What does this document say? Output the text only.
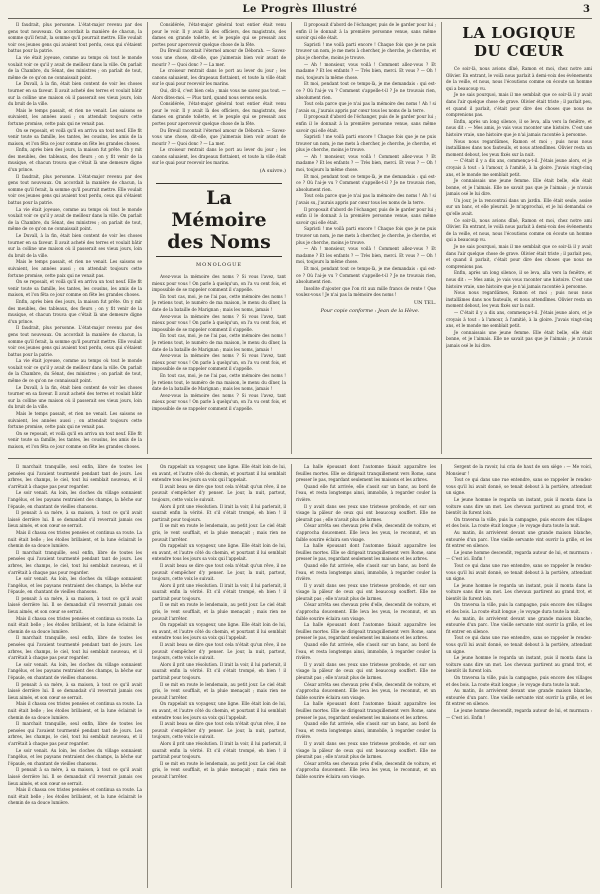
Le Progrès Illustré	3

Il faudrait, plus personne. L'état-major revenu par des gens tout nouveaux. On accordait la manière de chacun, la somme qu'il ferait, la somme qu'il pourrait mettre. Elle voulait voir ces jeunes gens qui avaient tout perdu, ceux qui s'étaient battus pour la patrie.

La vie était joyeuse, comme au temps où tout le monde voulait voir ce qu'il y avait de meilleur dans la ville. On parlait de la Chambre, du Sénat, des ministres ; on parlait de tout, même de ce qu'on ne connaissait point.

Le Duvall, à la fin, était bien content de voir les choses tourner en sa faveur. Il avait acheté des terres et voulait bâtir sur la colline une maison où il passerait ses vieux jours, loin du bruit de la ville.

Mais le temps passait, et rien ne venait. Les saisons se suivaient, les années aussi ; on attendait toujours cette fortune promise, cette paix qui ne venait pas.

On se reposait, et voilà qu'il en arriva un tout neuf. Elle fit venir toute sa famille, les tantes, les cousins, les amis de la maison, et l'on fêta ce jour comme on fête les grandes choses.

Enfin, après bien des jours, la maison fut prête. On y mit des meubles, des tableaux, des fleurs ; on y fit venir de la musique, et chacun trouva que c'était là une demeure digne d'un prince.

Il faudrait, plus personne. L'état-major revenu par des gens tout nouveaux. On accordait la manière de chacun, la somme qu'il ferait, la somme qu'il pourrait mettre. Elle voulait voir ces jeunes gens qui avaient tout perdu, ceux qui s'étaient battus pour la patrie.

La vie était joyeuse, comme au temps où tout le monde voulait voir ce qu'il y avait de meilleur dans la ville. On parlait de la Chambre, du Sénat, des ministres ; on parlait de tout, même de ce qu'on ne connaissait point.

Le Duvall, à la fin, était bien content de voir les choses tourner en sa faveur. Il avait acheté des terres et voulait bâtir sur la colline une maison où il passerait ses vieux jours, loin du bruit de la ville.

Mais le temps passait, et rien ne venait. Les saisons se suivaient, les années aussi ; on attendait toujours cette fortune promise, cette paix qui ne venait pas.

On se reposait, et voilà qu'il en arriva un tout neuf. Elle fit venir toute sa famille, les tantes, les cousins, les amis de la maison, et l'on fêta ce jour comme on fête les grandes choses.

Enfin, après bien des jours, la maison fut prête. On y mit des meubles, des tableaux, des fleurs ; on y fit venir de la musique, et chacun trouva que c'était là une demeure digne d'un prince.

Il faudrait, plus personne. L'état-major revenu par des gens tout nouveaux. On accordait la manière de chacun, la somme qu'il ferait, la somme qu'il pourrait mettre. Elle voulait voir ces jeunes gens qui avaient tout perdu, ceux qui s'étaient battus pour la patrie.

La vie était joyeuse, comme au temps où tout le monde voulait voir ce qu'il y avait de meilleur dans la ville. On parlait de la Chambre, du Sénat, des ministres ; on parlait de tout, même de ce qu'on ne connaissait point.

Le Duvall, à la fin, était bien content de voir les choses tourner en sa faveur. Il avait acheté des terres et voulait bâtir sur la colline une maison où il passerait ses vieux jours, loin du bruit de la ville.

Mais le temps passait, et rien ne venait. Les saisons se suivaient, les années aussi ; on attendait toujours cette fortune promise, cette paix qui ne venait pas.

On se reposait, et voilà qu'il en arriva un tout neuf. Elle fit venir toute sa famille, les tantes, les cousins, les amis de la maison, et l'on fêta ce jour comme on fête les grandes choses.

Considérée, l'état-major général tout entier était venu pour le voir. Il y avait là des officiers, des magistrats, des dames en grande toilette, et le peuple qui se pressait aux portes pour apercevoir quelque chose de la fête.

Du Breuil racontait l'éternel amour de Déborah. — Savez-vous une chose, dit-elle, que j'aimerais bien voir avant de mourir ? — Quoi donc ? — La mer.

Le croiseur rentrait dans le port au lever du jour ; les canons saluaient, les drapeaux flottaient, et toute la ville était sur le quai pour recevoir les marins.

Oui, dit-il, c'est bien cela ; mais vous ne savez pas tout. — Alors dites-moi. — Plus tard, quand nous serons seuls.

Considérée, l'état-major général tout entier était venu pour le voir. Il y avait là des officiers, des magistrats, des dames en grande toilette, et le peuple qui se pressait aux portes pour apercevoir quelque chose de la fête.

Du Breuil racontait l'éternel amour de Déborah. — Savez-vous une chose, dit-elle, que j'aimerais bien voir avant de mourir ? — Quoi donc ? — La mer.

Le croiseur rentrait dans le port au lever du jour ; les canons saluaient, les drapeaux flottaient, et toute la ville était sur le quai pour recevoir les marins.

(A suivre.)

La Mémoire des Noms
MONOLOGUE

Avez-vous la mémoire des noms ? Si vous l'avez, tant mieux pour vous ! On parle à quelqu'un, on l'a vu cent fois, et impossible de se rappeler comment il s'appelle.

En tout cas, moi, je ne l'ai pas, cette mémoire des noms ! Je retiens tout, le numéro de ma maison, le menu du dîner, la date de la bataille de Marignan ; mais les noms, jamais !

Avez-vous la mémoire des noms ? Si vous l'avez, tant mieux pour vous ! On parle à quelqu'un, on l'a vu cent fois, et impossible de se rappeler comment il s'appelle.

En tout cas, moi, je ne l'ai pas, cette mémoire des noms ! Je retiens tout, le numéro de ma maison, le menu du dîner, la date de la bataille de Marignan ; mais les noms, jamais !

Avez-vous la mémoire des noms ? Si vous l'avez, tant mieux pour vous ! On parle à quelqu'un, on l'a vu cent fois, et impossible de se rappeler comment il s'appelle.

En tout cas, moi, je ne l'ai pas, cette mémoire des noms ! Je retiens tout, le numéro de ma maison, le menu du dîner, la date de la bataille de Marignan ; mais les noms, jamais !

Avez-vous la mémoire des noms ? Si vous l'avez, tant mieux pour vous ! On parle à quelqu'un, on l'a vu cent fois, et impossible de se rappeler comment il s'appelle.

Il proposait d'abord de l'échanger, puis de le garder pour lui ; enfin il le donnait à la première personne venue, sans même savoir qui elle était.

Sapristi ! me voilà parti encore ! Chaque fois que je ne puis trouver un nom, je me mets à chercher, je cherche, je cherche, et plus je cherche, moins je trouve.

— Ah ! monsieur, vous voilà ! Comment allez-vous ? Et madame ? Et les enfants ? — Très bien, merci. Et vous ? — Oh ! moi, toujours la même chose.

Et moi, pendant tout ce temps-là, je me demandais : qui est-ce ? Où l'ai-je vu ? Comment s'appelle-t-il ? Je ne trouvais rien, absolument rien.

Tout cela parce que je n'ai pas la mémoire des noms ! Ah ! si j'avais su, j'aurais appris par cœur tous les noms de la terre.

Il proposait d'abord de l'échanger, puis de le garder pour lui ; enfin il le donnait à la première personne venue, sans même savoir qui elle était.

Sapristi ! me voilà parti encore ! Chaque fois que je ne puis trouver un nom, je me mets à chercher, je cherche, je cherche, et plus je cherche, moins je trouve.

— Ah ! monsieur, vous voilà ! Comment allez-vous ? Et madame ? Et les enfants ? — Très bien, merci. Et vous ? — Oh ! moi, toujours la même chose.

Et moi, pendant tout ce temps-là, je me demandais : qui est-ce ? Où l'ai-je vu ? Comment s'appelle-t-il ? Je ne trouvais rien, absolument rien.

Tout cela parce que je n'ai pas la mémoire des noms ! Ah ! si j'avais su, j'aurais appris par cœur tous les noms de la terre.

Il proposait d'abord de l'échanger, puis de le garder pour lui ; enfin il le donnait à la première personne venue, sans même savoir qui elle était.

Sapristi ! me voilà parti encore ! Chaque fois que je ne puis trouver un nom, je me mets à chercher, je cherche, je cherche, et plus je cherche, moins je trouve.

— Ah ! monsieur, vous voilà ! Comment allez-vous ? Et madame ? Et les enfants ? — Très bien, merci. Et vous ? — Oh ! moi, toujours la même chose.

Et moi, pendant tout ce temps-là, je me demandais : qui est-ce ? Où l'ai-je vu ? Comment s'appelle-t-il ? Je ne trouvais rien, absolument rien.

Insolite d'ajouter que l'on rit aux mille francs de rente ! Que voulez-vous ! Je n'ai pas la mémoire des noms !

UN TEL.

Pour copie conforme : Jean de la Hève.

LA LOGIQUE DU CŒUR

Ce soir-là, nous avions dîné, Ramon et moi, chez notre ami Olivier. En entrant, le voilà nous parlait à demi-voix des événements de la veille, et nous, nous l'écoutions comme on écoute un homme qui a beaucoup vu.

Je ne sais pourquoi, mais il me semblait que ce soir-là il y avait dans l'air quelque chose de grave. Olivier était triste ; il parlait peu, et quand il parlait, c'était pour dire des choses que nous ne comprenions pas.

Enfin, après un long silence, il se leva, alla vers la fenêtre, et nous dit : — Mes amis, je vais vous raconter une histoire. C'est une histoire vraie, une histoire que je n'ai jamais racontée à personne.

Nous nous regardâmes, Ramon et moi ; puis nous nous installâmes dans nos fauteuils, et nous attendîmes. Olivier resta un moment debout, les yeux fixés sur la nuit.

— C'était il y a dix ans, commença-t-il. J'étais jeune alors, et je croyais à tout : à l'amour, à l'amitié, à la gloire. J'avais vingt-cinq ans, et le monde me semblait petit.

Je connaissais une jeune femme. Elle était belle, elle était bonne, et je l'aimais. Elle ne savait pas que je l'aimais ; je n'avais jamais osé le lui dire.

Un jour, je la rencontrai dans un jardin. Elle était seule, assise sur un banc, et elle pleurait. Je m'approchai, et je lui demandai ce qu'elle avait.

Ce soir-là, nous avions dîné, Ramon et moi, chez notre ami Olivier. En entrant, le voilà nous parlait à demi-voix des événements de la veille, et nous, nous l'écoutions comme on écoute un homme qui a beaucoup vu.

Je ne sais pourquoi, mais il me semblait que ce soir-là il y avait dans l'air quelque chose de grave. Olivier était triste ; il parlait peu, et quand il parlait, c'était pour dire des choses que nous ne comprenions pas.

Enfin, après un long silence, il se leva, alla vers la fenêtre, et nous dit : — Mes amis, je vais vous raconter une histoire. C'est une histoire vraie, une histoire que je n'ai jamais racontée à personne.

Nous nous regardâmes, Ramon et moi ; puis nous nous installâmes dans nos fauteuils, et nous attendîmes. Olivier resta un moment debout, les yeux fixés sur la nuit.

— C'était il y a dix ans, commença-t-il. J'étais jeune alors, et je croyais à tout : à l'amour, à l'amitié, à la gloire. J'avais vingt-cinq ans, et le monde me semblait petit.

Je connaissais une jeune femme. Elle était belle, elle était bonne, et je l'aimais. Elle ne savait pas que je l'aimais ; je n'avais jamais osé le lui dire.

Il marchait tranquille, seul enfin, libre de toutes les pensées qui l'avaient tourmenté pendant tant de jours. Les arbres, les champs, le ciel, tout lui semblait nouveau, et il s'arrêtait à chaque pas pour regarder.

Le soir venait. Au loin, les cloches du village sonnaient l'angélus, et les paysans rentraient des champs, la bêche sur l'épaule, en chantant de vieilles chansons.

Il pensait à sa mère, à sa maison, à tout ce qu'il avait laissé derrière lui. Il se demandait s'il reverrait jamais ces lieux aimés, et son cœur se serrait.

Mais il chassa ces tristes pensées et continua sa route. La nuit était belle ; les étoiles brillaient, et la lune éclairait le chemin de sa douce lumière.

Il marchait tranquille, seul enfin, libre de toutes les pensées qui l'avaient tourmenté pendant tant de jours. Les arbres, les champs, le ciel, tout lui semblait nouveau, et il s'arrêtait à chaque pas pour regarder.

Le soir venait. Au loin, les cloches du village sonnaient l'angélus, et les paysans rentraient des champs, la bêche sur l'épaule, en chantant de vieilles chansons.

Il pensait à sa mère, à sa maison, à tout ce qu'il avait laissé derrière lui. Il se demandait s'il reverrait jamais ces lieux aimés, et son cœur se serrait.

Mais il chassa ces tristes pensées et continua sa route. La nuit était belle ; les étoiles brillaient, et la lune éclairait le chemin de sa douce lumière.

Il marchait tranquille, seul enfin, libre de toutes les pensées qui l'avaient tourmenté pendant tant de jours. Les arbres, les champs, le ciel, tout lui semblait nouveau, et il s'arrêtait à chaque pas pour regarder.

Le soir venait. Au loin, les cloches du village sonnaient l'angélus, et les paysans rentraient des champs, la bêche sur l'épaule, en chantant de vieilles chansons.

Il pensait à sa mère, à sa maison, à tout ce qu'il avait laissé derrière lui. Il se demandait s'il reverrait jamais ces lieux aimés, et son cœur se serrait.

Mais il chassa ces tristes pensées et continua sa route. La nuit était belle ; les étoiles brillaient, et la lune éclairait le chemin de sa douce lumière.

Il marchait tranquille, seul enfin, libre de toutes les pensées qui l'avaient tourmenté pendant tant de jours. Les arbres, les champs, le ciel, tout lui semblait nouveau, et il s'arrêtait à chaque pas pour regarder.

Le soir venait. Au loin, les cloches du village sonnaient l'angélus, et les paysans rentraient des champs, la bêche sur l'épaule, en chantant de vieilles chansons.

Il pensait à sa mère, à sa maison, à tout ce qu'il avait laissé derrière lui. Il se demandait s'il reverrait jamais ces lieux aimés, et son cœur se serrait.

Mais il chassa ces tristes pensées et continua sa route. La nuit était belle ; les étoiles brillaient, et la lune éclairait le chemin de sa douce lumière.

On rappelait un voyageur, une ligne. Elle était loin de lui, en avant, et l'autre côté du chemin, et pourtant il lui semblait entendre tous les jours sa voix qui l'appelait.

Il avait beau se dire que tout cela n'était qu'un rêve, il ne pouvait s'empêcher d'y penser. Le jour, la nuit, partout, toujours, cette voix le suivait.

Alors il prit une résolution. Il irait la voir, il lui parlerait, il saurait enfin la vérité. Et s'il s'était trompé, eh bien ! il partirait pour toujours.

Il se mit en route le lendemain, au petit jour. Le ciel était gris, le vent soufflait, et la pluie menaçait ; mais rien ne pouvait l'arrêter.

On rappelait un voyageur, une ligne. Elle était loin de lui, en avant, et l'autre côté du chemin, et pourtant il lui semblait entendre tous les jours sa voix qui l'appelait.

Il avait beau se dire que tout cela n'était qu'un rêve, il ne pouvait s'empêcher d'y penser. Le jour, la nuit, partout, toujours, cette voix le suivait.

Alors il prit une résolution. Il irait la voir, il lui parlerait, il saurait enfin la vérité. Et s'il s'était trompé, eh bien ! il partirait pour toujours.

Il se mit en route le lendemain, au petit jour. Le ciel était gris, le vent soufflait, et la pluie menaçait ; mais rien ne pouvait l'arrêter.

On rappelait un voyageur, une ligne. Elle était loin de lui, en avant, et l'autre côté du chemin, et pourtant il lui semblait entendre tous les jours sa voix qui l'appelait.

Il avait beau se dire que tout cela n'était qu'un rêve, il ne pouvait s'empêcher d'y penser. Le jour, la nuit, partout, toujours, cette voix le suivait.

Alors il prit une résolution. Il irait la voir, il lui parlerait, il saurait enfin la vérité. Et s'il s'était trompé, eh bien ! il partirait pour toujours.

Il se mit en route le lendemain, au petit jour. Le ciel était gris, le vent soufflait, et la pluie menaçait ; mais rien ne pouvait l'arrêter.

On rappelait un voyageur, une ligne. Elle était loin de lui, en avant, et l'autre côté du chemin, et pourtant il lui semblait entendre tous les jours sa voix qui l'appelait.

Il avait beau se dire que tout cela n'était qu'un rêve, il ne pouvait s'empêcher d'y penser. Le jour, la nuit, partout, toujours, cette voix le suivait.

Alors il prit une résolution. Il irait la voir, il lui parlerait, il saurait enfin la vérité. Et s'il s'était trompé, eh bien ! il partirait pour toujours.

Il se mit en route le lendemain, au petit jour. Le ciel était gris, le vent soufflait, et la pluie menaçait ; mais rien ne pouvait l'arrêter.

La halle épousant dont l'automne faisait apparaître les feuilles mortes. Elle se dirigeait tranquillement vers Rome, sans presser le pas, regardant seulement les maisons et les arbres.

Quand elle fut arrivée, elle s'assit sur un banc, au bord de l'eau, et resta longtemps ainsi, immobile, à regarder couler la rivière.

Il y avait dans ses yeux une tristesse profonde, et sur son visage la pâleur de ceux qui ont beaucoup souffert. Elle ne pleurait pas ; elle n'avait plus de larmes.

César arrêta ses chevaux près d'elle, descendit de voiture, et s'approcha doucement. Elle leva les yeux, le reconnut, et un faible sourire éclaira son visage.

La halle épousant dont l'automne faisait apparaître les feuilles mortes. Elle se dirigeait tranquillement vers Rome, sans presser le pas, regardant seulement les maisons et les arbres.

Quand elle fut arrivée, elle s'assit sur un banc, au bord de l'eau, et resta longtemps ainsi, immobile, à regarder couler la rivière.

Il y avait dans ses yeux une tristesse profonde, et sur son visage la pâleur de ceux qui ont beaucoup souffert. Elle ne pleurait pas ; elle n'avait plus de larmes.

César arrêta ses chevaux près d'elle, descendit de voiture, et s'approcha doucement. Elle leva les yeux, le reconnut, et un faible sourire éclaira son visage.

La halle épousant dont l'automne faisait apparaître les feuilles mortes. Elle se dirigeait tranquillement vers Rome, sans presser le pas, regardant seulement les maisons et les arbres.

Quand elle fut arrivée, elle s'assit sur un banc, au bord de l'eau, et resta longtemps ainsi, immobile, à regarder couler la rivière.

Il y avait dans ses yeux une tristesse profonde, et sur son visage la pâleur de ceux qui ont beaucoup souffert. Elle ne pleurait pas ; elle n'avait plus de larmes.

César arrêta ses chevaux près d'elle, descendit de voiture, et s'approcha doucement. Elle leva les yeux, le reconnut, et un faible sourire éclaira son visage.

La halle épousant dont l'automne faisait apparaître les feuilles mortes. Elle se dirigeait tranquillement vers Rome, sans presser le pas, regardant seulement les maisons et les arbres.

Quand elle fut arrivée, elle s'assit sur un banc, au bord de l'eau, et resta longtemps ainsi, immobile, à regarder couler la rivière.

Il y avait dans ses yeux une tristesse profonde, et sur son visage la pâleur de ceux qui ont beaucoup souffert. Elle ne pleurait pas ; elle n'avait plus de larmes.

César arrêta ses chevaux près d'elle, descendit de voiture, et s'approcha doucement. Elle leva les yeux, le reconnut, et un faible sourire éclaira son visage.

Sergent de la ravoir, lui cria de haut de son siège : — Me voici, Monsieur !

Tout ce qui dans une rue entendre, sans se rappeler le rendez-vous qu'il lui avait donné, se tenait debout à la portière, attendant un signe.

Le jeune homme le regarda un instant, puis il monta dans la voiture sans dire un mot. Les chevaux partirent au grand trot, et bientôt ils furent loin.

On traversa la ville, puis la campagne, puis encore des villages et des bois. La route était longue ; le voyage dura toute la nuit.

Au matin, ils arrivèrent devant une grande maison blanche, entourée d'un parc. Une vieille servante vint ouvrir la grille, et les fit entrer en silence.

Le jeune homme descendit, regarda autour de lui, et murmura : — C'est ici. Enfin !

Tout ce qui dans une rue entendre, sans se rappeler le rendez-vous qu'il lui avait donné, se tenait debout à la portière, attendant un signe.

Le jeune homme le regarda un instant, puis il monta dans la voiture sans dire un mot. Les chevaux partirent au grand trot, et bientôt ils furent loin.

On traversa la ville, puis la campagne, puis encore des villages et des bois. La route était longue ; le voyage dura toute la nuit.

Au matin, ils arrivèrent devant une grande maison blanche, entourée d'un parc. Une vieille servante vint ouvrir la grille, et les fit entrer en silence.

Tout ce qui dans une rue entendre, sans se rappeler le rendez-vous qu'il lui avait donné, se tenait debout à la portière, attendant un signe.

Le jeune homme le regarda un instant, puis il monta dans la voiture sans dire un mot. Les chevaux partirent au grand trot, et bientôt ils furent loin.

On traversa la ville, puis la campagne, puis encore des villages et des bois. La route était longue ; le voyage dura toute la nuit.

Au matin, ils arrivèrent devant une grande maison blanche, entourée d'un parc. Une vieille servante vint ouvrir la grille, et les fit entrer en silence.

Le jeune homme descendit, regarda autour de lui, et murmura : — C'est ici. Enfin !
